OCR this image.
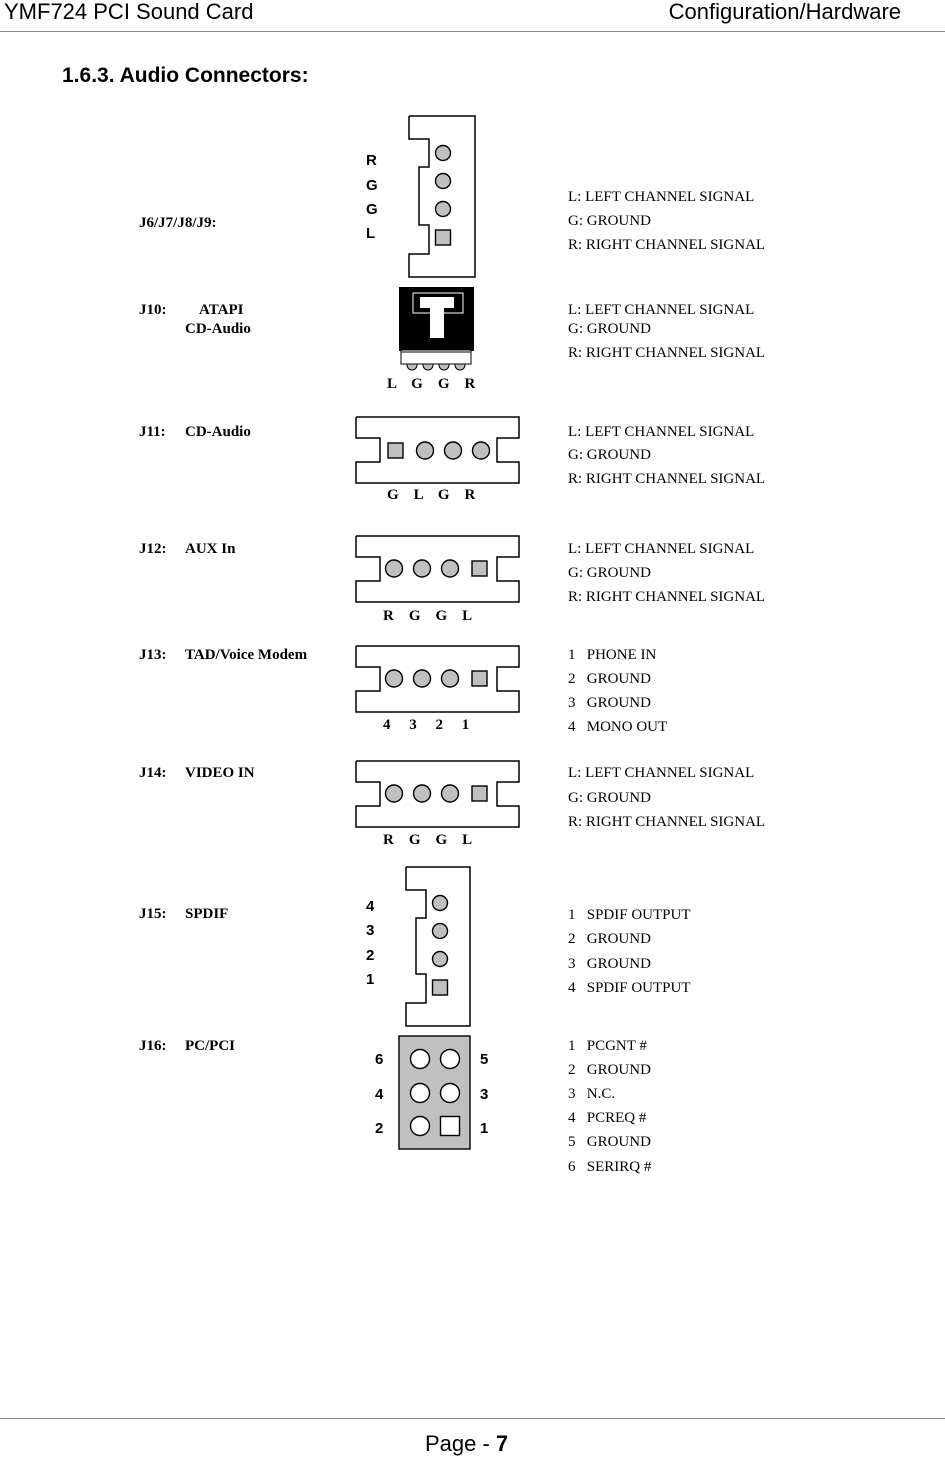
YMF724 PCI Sound Card	Configuration/Hardware
1.6.3. Audio Connectors:
J6/J7/J8/J9:
R
G
G
L
L: LEFT CHANNEL SIGNAL
G: GROUND
R: RIGHT CHANNEL SIGNAL
J10: ATAPI
CD-Audio
L    G    G    R
L: LEFT CHANNEL SIGNAL
G: GROUND
R: RIGHT CHANNEL SIGNAL
J11: CD-Audio
G    L    G    R
L: LEFT CHANNEL SIGNAL
G: GROUND
R: RIGHT CHANNEL SIGNAL
J12: AUX In
R    G    G    L
L: LEFT CHANNEL SIGNAL
G: GROUND
R: RIGHT CHANNEL SIGNAL
J13: TAD/Voice Modem
4     3     2     1
1   PHONE IN
2   GROUND
3   GROUND
4   MONO OUT
J14: VIDEO IN
R    G    G    L
L: LEFT CHANNEL SIGNAL
G: GROUND
R: RIGHT CHANNEL SIGNAL
J15: SPDIF	4
3
2
1
1   SPDIF OUTPUT
2   GROUND
3   GROUND
4   SPDIF OUTPUT
J16: PC/PCI
6
4
2
5
3
1
1   PCGNT #
2   GROUND
3   N.C.
4   PCREQ #
5   GROUND
6   SERIRQ #
Page - 7
